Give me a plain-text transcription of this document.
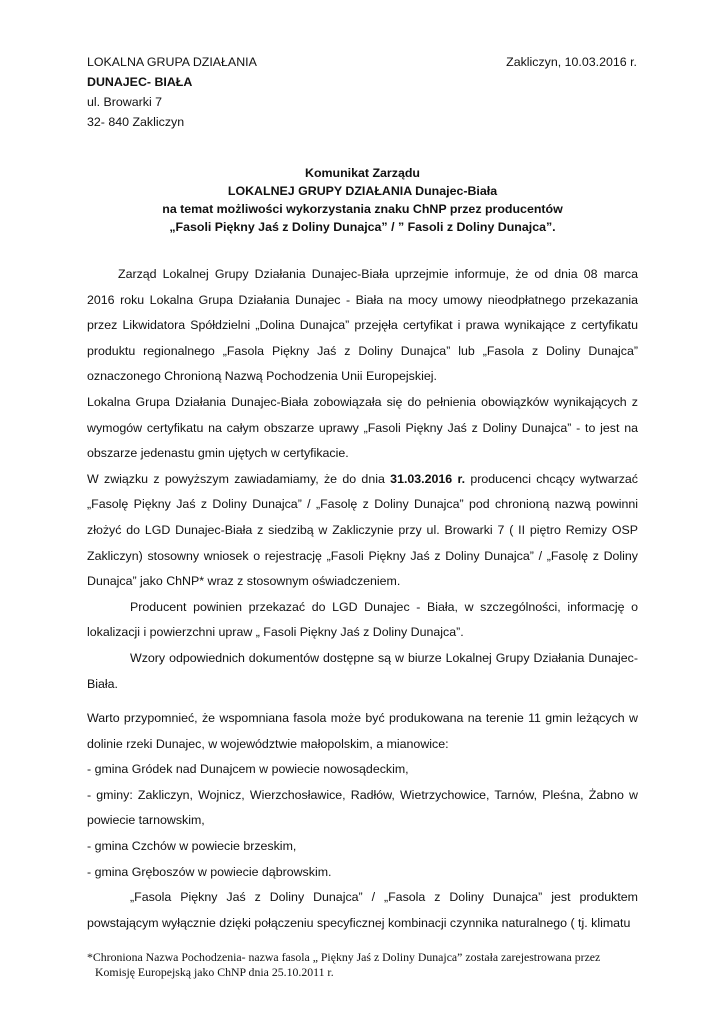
LOKALNA GRUPA DZIAŁANIA
DUNAJEC- BIAŁA
ul. Browarki 7
32- 840 Zakliczyn
Zakliczyn, 10.03.2016 r.
Komunikat Zarządu
LOKALNEJ GRUPY DZIAŁANIA Dunajec-Biała
na temat możliwości wykorzystania znaku ChNP przez producentów
„Fasoli Piękny Jaś z Doliny Dunajca” / ” Fasoli z Doliny Dunajca”.

Zarząd Lokalnej Grupy Działania Dunajec-Biała uprzejmie informuje, że od dnia 08 marca 2016 roku Lokalna Grupa Działania Dunajec - Biała na mocy umowy nieodpłatnego przekazania przez Likwidatora Spółdzielni „Dolina Dunajca” przejęła certyfikat i prawa wynikające z certyfikatu produktu regionalnego „Fasola Piękny Jaś z Doliny Dunajca” lub „Fasola z Doliny Dunajca” oznaczonego Chronioną Nazwą Pochodzenia Unii Europejskiej.

Lokalna Grupa Działania Dunajec-Biała zobowiązała się do pełnienia obowiązków wynikających z wymogów certyfikatu na całym obszarze uprawy „Fasoli Piękny Jaś z Doliny Dunajca” - to jest na obszarze jedenastu gmin ujętych w certyfikacie.

W związku z powyższym zawiadamiamy, że do dnia 31.03.2016 r. producenci chcący wytwarzać „Fasolę Piękny Jaś z Doliny Dunajca” / „Fasolę z Doliny Dunajca” pod chronioną nazwą powinni złożyć do LGD Dunajec-Biała z siedzibą w Zakliczynie przy ul. Browarki 7 ( II piętro Remizy OSP Zakliczyn) stosowny wniosek o rejestrację „Fasoli Piękny Jaś z Doliny Dunajca” / „Fasolę z Doliny Dunajca” jako ChNP* wraz z stosownym oświadczeniem.

Producent powinien przekazać do LGD Dunajec - Biała, w szczególności, informację o lokalizacji i powierzchni upraw „ Fasoli Piękny Jaś z Doliny Dunajca”.

Wzory odpowiednich dokumentów dostępne są w biurze Lokalnej Grupy Działania Dunajec-Biała.

Warto przypomnieć, że wspomniana fasola może być produkowana na terenie 11 gmin leżących w dolinie rzeki Dunajec, w województwie małopolskim, a mianowice:

- gmina Gródek nad Dunajcem w powiecie nowosądeckim,

- gminy: Zakliczyn, Wojnicz, Wierzchosławice, Radłów, Wietrzychowice, Tarnów, Pleśna, Żabno w powiecie tarnowskim,

- gmina Czchów w powiecie brzeskim,

- gmina Gręboszów w powiecie dąbrowskim.

„Fasola Piękny Jaś z Doliny Dunajca” / „Fasola z Doliny Dunajca” jest produktem powstającym wyłącznie dzięki połączeniu specyficznej kombinacji czynnika naturalnego ( tj. klimatu

*Chroniona Nazwa Pochodzenia- nazwa fasola „ Piękny Jaś z Doliny Dunajca” została zarejestrowana przez
Komisję Europejską jako ChNP dnia 25.10.2011 r.
